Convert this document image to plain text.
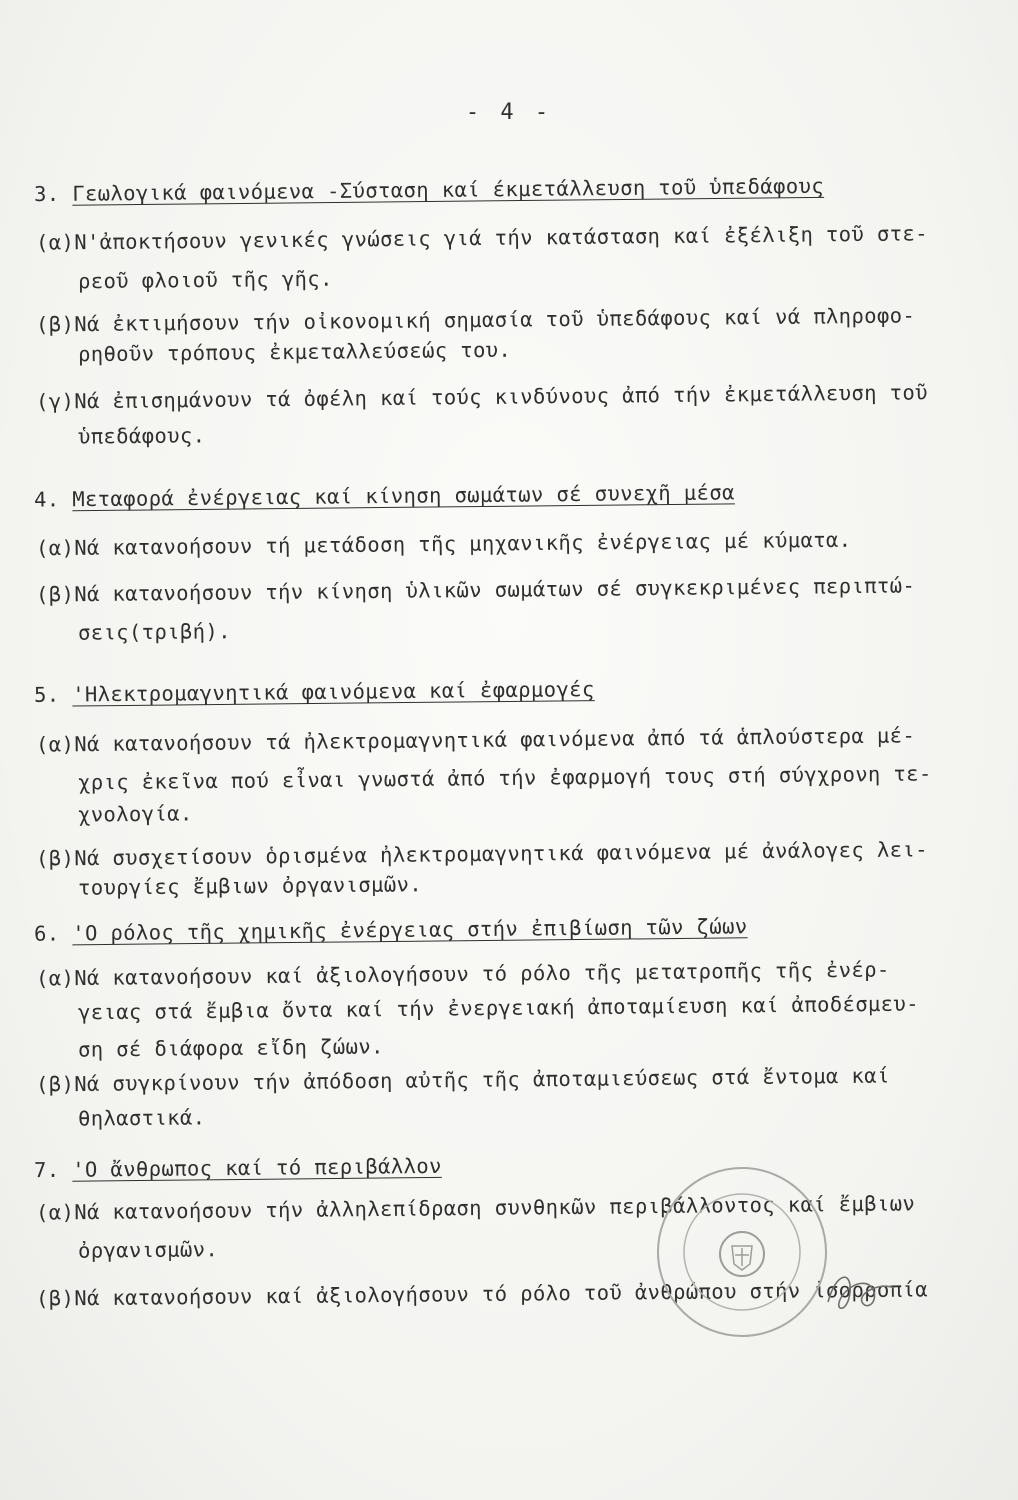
- 4 -
3. Γεωλογικά φαινόμενα -Σύσταση καί έκμετάλλευση τοῦ ὑπεδάφους
(α)Ν'ἀποκτήσουν γενικές γνώσεις γιά τήν κατάσταση καί ἐξέλιξη τοῦ στε-
ρεοῦ φλοιοῦ τῆς γῆς.
(β)Νά ἐκτιμήσουν τήν οἰκονομική σημασία τοῦ ὑπεδάφους καί νά πληροφο-
ρηθοῦν τρόπους ἐκμεταλλεύσεώς του.
(γ)Νά ἐπισημάνουν τά ὀφέλη καί τούς κινδύνους ἀπό τήν ἐκμετάλλευση τοῦ
ὑπεδάφους.
4. Μεταφορά ἐνέργειας καί κίνηση σωμάτων σέ συνεχῆ μέσα
(α)Νά κατανοήσουν τή μετάδοση τῆς μηχανικῆς ἐνέργειας μέ κύματα.
(β)Νά κατανοήσουν τήν κίνηση ὑλικῶν σωμάτων σέ συγκεκριμένες περιπτώ-
σεις(τριβή).
5. 'Ηλεκτρομαγνητικά φαινόμενα καί ἐφαρμογές
(α)Νά κατανοήσουν τά ἠλεκτρομαγνητικά φαινόμενα ἀπό τά ἁπλούστερα μέ-
χρις ἐκεῖνα πού εἶναι γνωστά ἀπό τήν ἐφαρμογή τους στή σύγχρονη τε-
χνολογία.
(β)Νά συσχετίσουν ὁρισμένα ἠλεκτρομαγνητικά φαινόμενα μέ ἀνάλογες λει-
τουργίες ἔμβιων ὀργανισμῶν.
6. 'Ο ρόλος τῆς χημικῆς ἐνέργειας στήν ἐπιβίωση τῶν ζώων
(α)Νά κατανοήσουν καί ἀξιολογήσουν τό ρόλο τῆς μετατροπῆς τῆς ἐνέρ-
γειας στά ἔμβια ὄντα καί τήν ἐνεργειακή ἀποταμίευση καί ἀποδέσμευ-
ση σέ διάφορα εἴδη ζώων.
(β)Νά συγκρίνουν τήν ἀπόδοση αὐτῆς τῆς ἀποταμιεύσεως στά ἔντομα καί
θηλαστικά.
7. 'Ο ἄνθρωπος καί τό περιβάλλον
(α)Νά κατανοήσουν τήν ἀλληλεπίδραση συνθηκῶν περιβάλλοντος καί ἔμβιων
ὀργανισμῶν.
(β)Νά κατανοήσουν καί ἀξιολογήσουν τό ρόλο τοῦ ἀνθρώπου στήν ἰσορροπία
